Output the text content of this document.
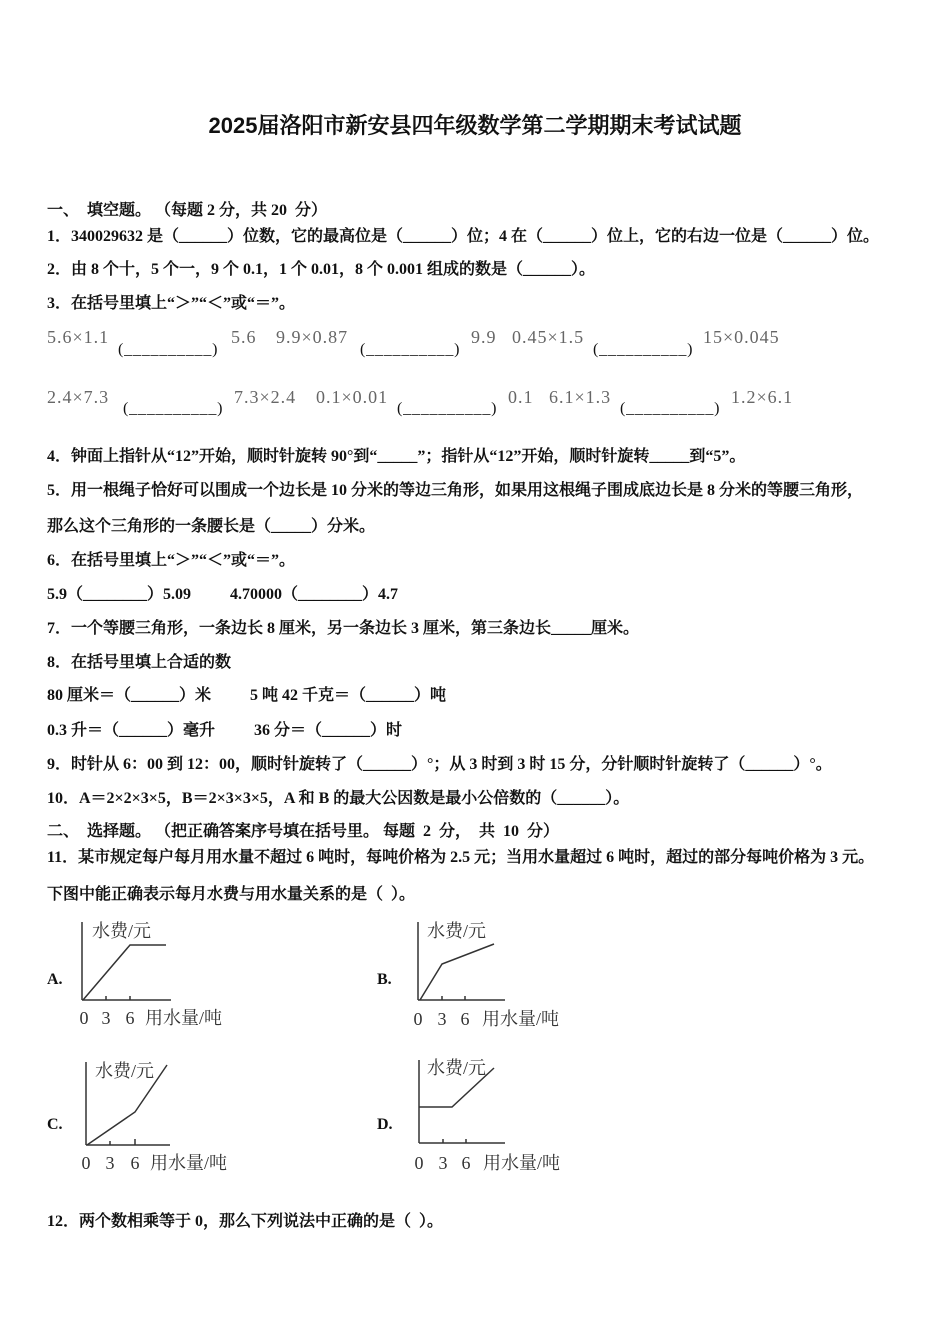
2025届洛阳市新安县四年级数学第二学期期末考试试题
一、  填空题。 （每题 2 分，共 20  分）
1．340029632 是（______）位数，它的最高位是（______）位；4 在（______）位上，它的右边一位是（______）位。
2．由 8 个十，5 个一，9 个 0.1，1 个 0.01，8 个 0.001 组成的数是（______）。
3．在括号里填上“＞”“＜”或“＝”。
5.6×1.1
(__________)
5.6 9.9×0.87
(__________)
9.9 0.45×1.5
(__________)
15×0.045
2.4×7.3
(__________)
7.3×2.4 0.1×0.01
(__________)
0.1 6.1×1.3
(__________)
1.2×6.1
4．钟面上指针从“12”开始，顺时针旋转 90°到“_____”；指针从“12”开始，顺时针旋转_____到“5”。
5．用一根绳子恰好可以围成一个边长是 10 分米的等边三角形，如果用这根绳子围成底边长是 8 分米的等腰三角形，
那么这个三角形的一条腰长是（_____）分米。
6．在括号里填上“＞”“＜”或“＝”。
5.9（________）5.09 4.70000（________）4.7
7．一个等腰三角形，一条边长 8 厘米，另一条边长 3 厘米，第三条边长_____厘米。
8．在括号里填上合适的数
80 厘米＝（______）米 5 吨 42 千克＝（______）吨
0.3 升＝（______）毫升 36 分＝（______）时
9．时针从 6：00 到 12：00，顺时针旋转了（______）°；从 3 时到 3 时 15 分，分针顺时针旋转了（______）°。
10．A＝2×2×3×5，B＝2×3×3×5，A 和 B 的最大公因数是最小公倍数的（______）。
二、  选择题。 （把正确答案序号填在括号里。 每题  2  分，  共  10  分）
11．某市规定每户每月用水量不超过 6 吨时，每吨价格为 2.5 元；当用水量超过 6 吨时，超过的部分每吨价格为 3 元。
下图中能正确表示每月水费与用水量关系的是（  ）。
A.
水费/元
0 3 6 用水量/吨
B.
水费/元
0 3 6 用水量/吨
C.
水费/元
0 3 6 用水量/吨
D.
水费/元
0 3 6 用水量/吨
12．两个数相乘等于 0，那么下列说法中正确的是（  ）。
